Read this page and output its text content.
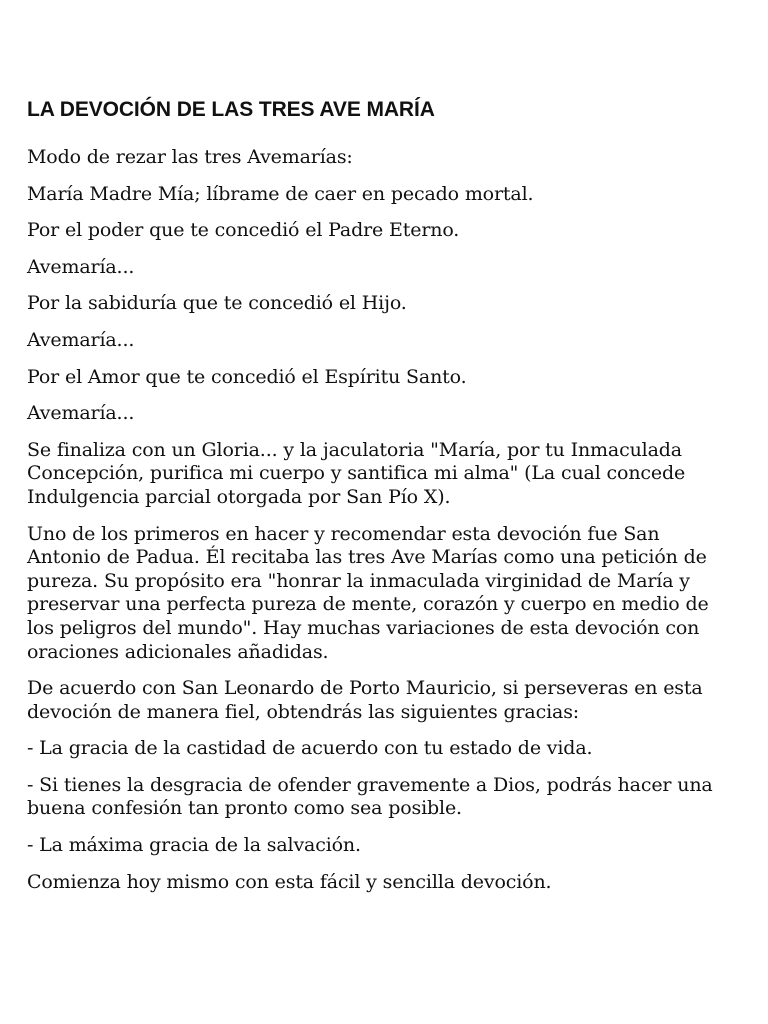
LA DEVOCIÓN DE LAS TRES AVE MARÍA

Modo de rezar las tres Avemarías:

María Madre Mía; líbrame de caer en pecado mortal.

Por el poder que te concedió el Padre Eterno.

Avemaría...

Por la sabiduría que te concedió el Hijo.

Avemaría...

Por el Amor que te concedió el Espíritu Santo.

Avemaría...

Se finaliza con un Gloria... y la jaculatoria "María, por tu Inmaculada Concepción, purifica mi cuerpo y santifica mi alma" (La cual concede Indulgencia parcial otorgada por San Pío X).

Uno de los primeros en hacer y recomendar esta devoción fue San Antonio de Padua. Él recitaba las tres Ave Marías como una petición de pureza. Su propósito era "honrar la inmaculada virginidad de María y preservar una perfecta pureza de mente, corazón y cuerpo en medio de los peligros del mundo". Hay muchas variaciones de esta devoción con oraciones adicionales añadidas.

De acuerdo con San Leonardo de Porto Mauricio, si perseveras en esta devoción de manera fiel, obtendrás las siguientes gracias:

- La gracia de la castidad de acuerdo con tu estado de vida.

- Si tienes la desgracia de ofender gravemente a Dios, podrás hacer una buena confesión tan pronto como sea posible.

- La máxima gracia de la salvación.

Comienza hoy mismo con esta fácil y sencilla devoción.
